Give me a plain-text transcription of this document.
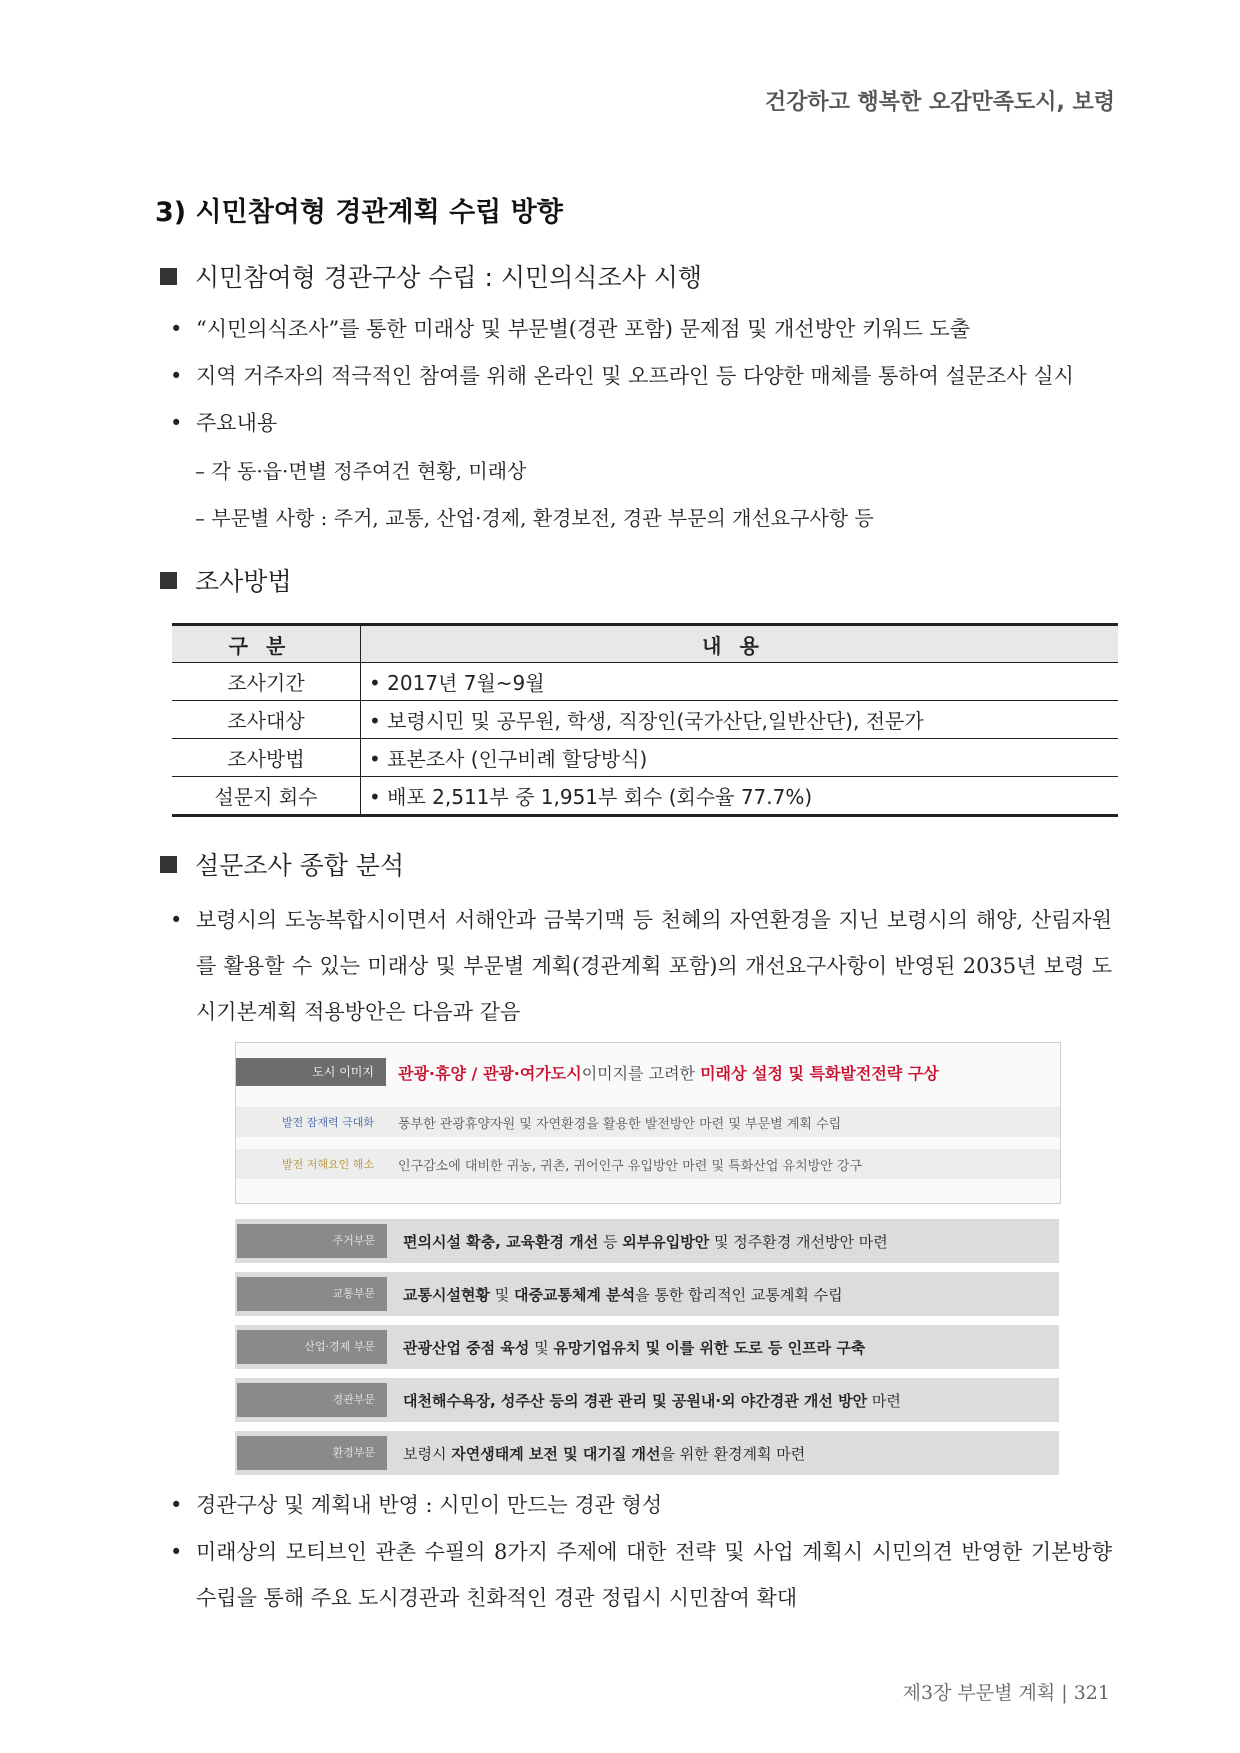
건강하고 행복한 오감만족도시, 보령
3) 시민참여형 경관계획 수립 방향
시민참여형 경관구상 수립 : 시민의식조사 시행
• “시민의식조사”를 통한 미래상 및 부문별(경관 포함) 문제점 및 개선방안 키워드 도출
• 지역 거주자의 적극적인 참여를 위해 온라인 및 오프라인 등 다양한 매체를 통하여 설문조사 실시
• 주요내용
– 각 동·읍·면별 정주여건 현황, 미래상
– 부문별 사항 : 주거, 교통, 산업·경제, 환경보전, 경관 부문의 개선요구사항 등
조사방법
구분	내용
조사기간	• 2017년 7월~9월
조사대상	• 보령시민 및 공무원, 학생, 직장인(국가산단,일반산단), 전문가
조사방법	• 표본조사 (인구비례 할당방식)
설문지 회수	• 배포 2,511부 중 1,951부 회수 (회수율 77.7%)
설문조사 종합 분석
• 보령시의 도농복합시이면서 서해안과 금북기맥 등 천혜의 자연환경을 지닌 보령시의 해양, 산림자원를 활용할 수 있는 미래상 및 부문별 계획(경관계획 포함)의 개선요구사항이 반영된 2035년 보령 도시기본계획 적용방안은 다음과 같음
도시 이미지	관광·휴양 / 관광·여가도시이미지를 고려한 미래상 설정 및 특화발전전략 구상
발전 잠재력 극대화	풍부한 관광휴양자원 및 자연환경을 활용한 발전방안 마련 및 부문별 계획 수립
발전 저해요인 해소	인구감소에 대비한 귀농, 귀촌, 귀어인구 유입방안 마련 및 특화산업 유치방안 강구
주거부문	편의시설 확충, 교육환경 개선 등 외부유입방안 및 정주환경 개선방안 마련
교통부문	교통시설현황 및 대중교통체계 분석을 통한 합리적인 교통계획 수립
산업·경제 부문	관광산업 중점 육성 및 유망기업유치 및 이를 위한 도로 등 인프라 구축
경관부문	대천해수욕장, 성주산 등의 경관 관리 및 공원내·외 야간경관 개선 방안 마련
환경부문	보령시 자연생태계 보전 및 대기질 개선을 위한 환경계획 마련
• 경관구상 및 계획내 반영 : 시민이 만드는 경관 형성
• 미래상의 모티브인 관촌 수필의 8가지 주제에 대한 전략 및 사업 계획시 시민의견 반영한 기본방향 수립을 통해 주요 도시경관과 친화적인 경관 정립시 시민참여 확대
제3장 부문별 계획 | 321
